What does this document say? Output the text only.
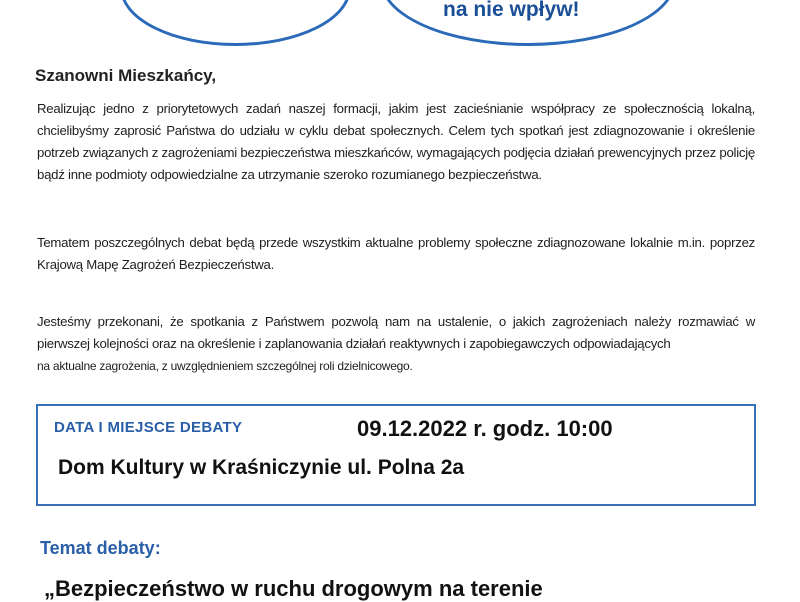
na nie wpływ!
Szanowni Mieszkańcy,
Realizując jedno z priorytetowych zadań naszej formacji, jakim jest zacieśnianie współpracy ze społecznością lokalną, chcielibyśmy zaprosić Państwa do udziału w cyklu debat społecznych. Celem tych spotkań jest zdiagnozowanie i określenie potrzeb związanych z zagrożeniami bezpieczeństwa mieszkańców, wymagających podjęcia działań prewencyjnych przez policję bądź inne podmioty odpowiedzialne za utrzymanie szeroko rozumianego bezpieczeństwa.
Tematem poszczególnych debat będą przede wszystkim aktualne problemy społeczne zdiagnozowane lokalnie m.in. poprzez Krajową Mapę Zagrożeń Bezpieczeństwa.
Jesteśmy przekonani, że spotkania z Państwem pozwolą nam na ustalenie, o jakich zagrożeniach należy rozmawiać w pierwszej kolejności oraz na określenie i zaplanowania działań reaktywnych i zapobiegawczych odpowiadających
na aktualne zagrożenia, z uwzględnieniem szczególnej roli dzielnicowego.
DATA I MIEJSCE DEBATY	09.12.2022 r. godz. 10:00
Dom Kultury w Kraśniczynie ul. Polna 2a
Temat debaty:
„Bezpieczeństwo w ruchu drogowym na terenie
